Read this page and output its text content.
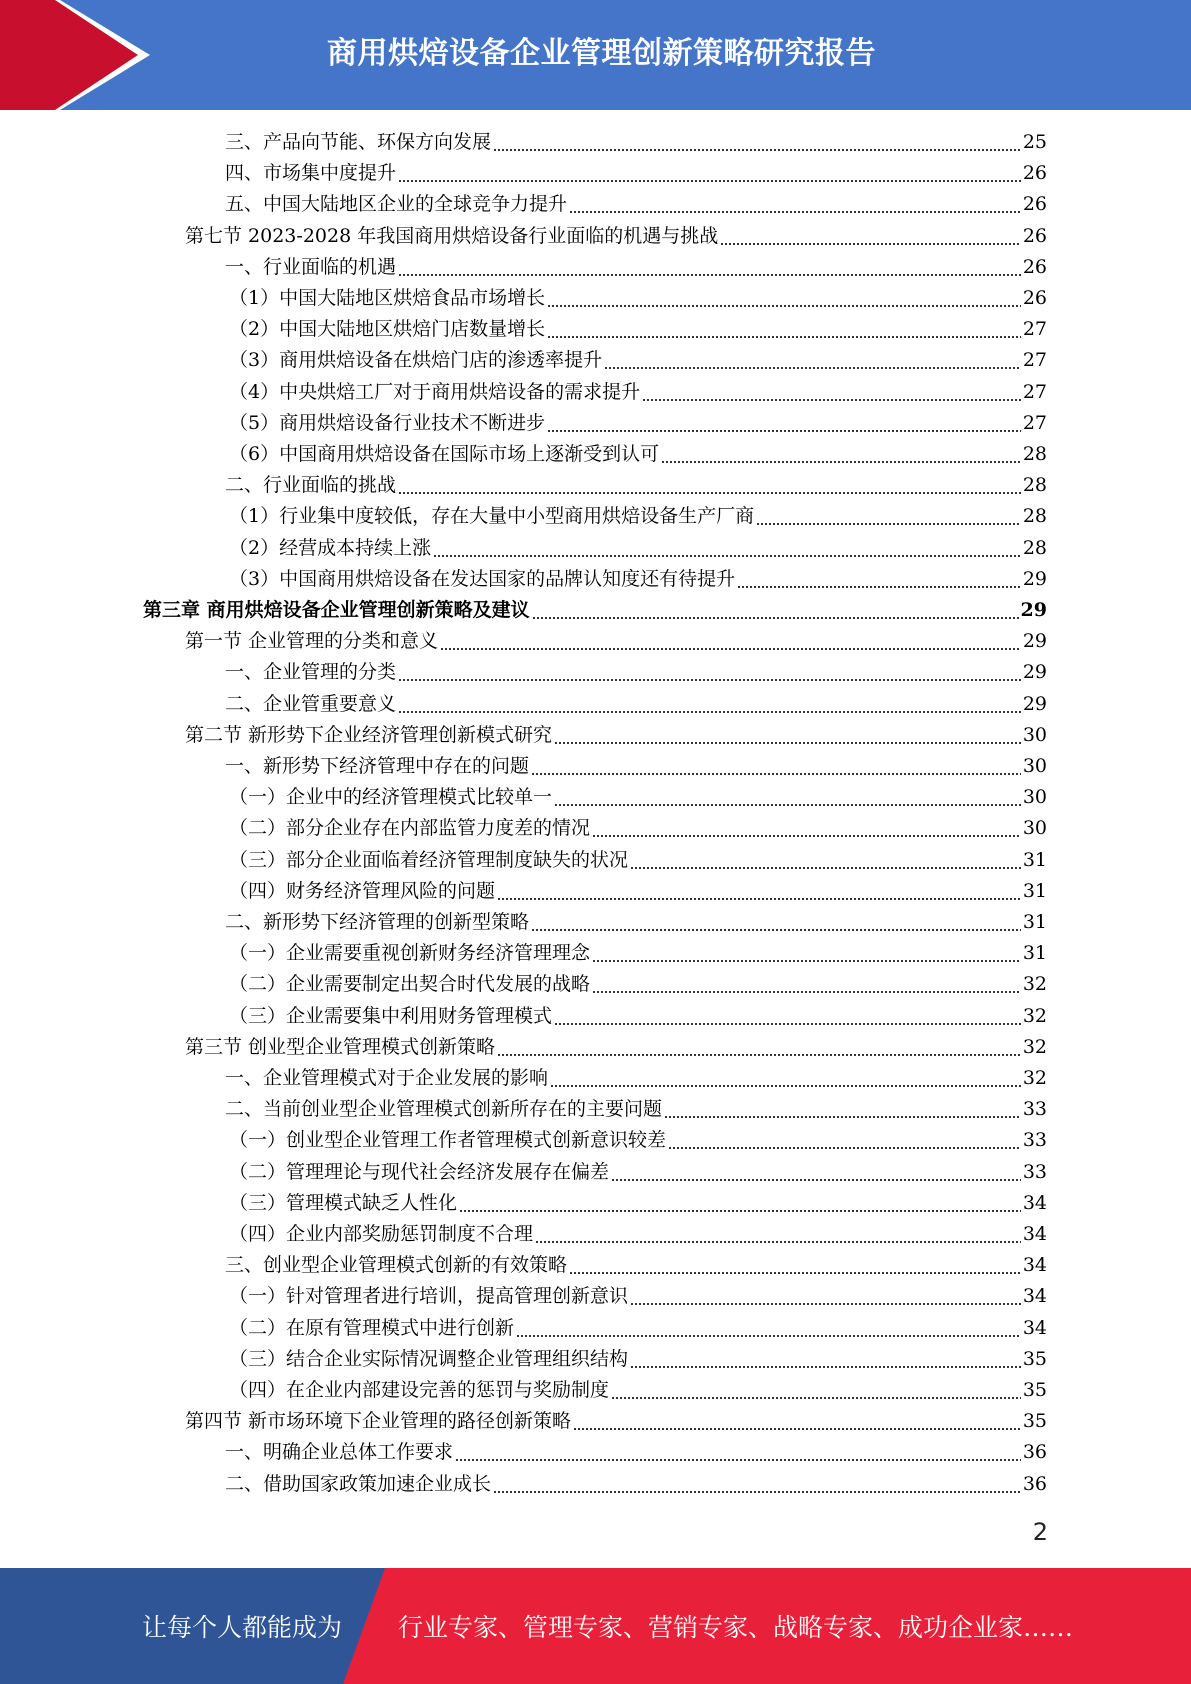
商用烘焙设备企业管理创新策略研究报告
三、产品向节能、环保方向发展	25
四、市场集中度提升	26
五、中国大陆地区企业的全球竞争力提升	26
第七节 2023-2028 年我国商用烘焙设备行业面临的机遇与挑战	26
一、行业面临的机遇	26
（1）中国大陆地区烘焙食品市场增长	26
（2）中国大陆地区烘焙门店数量增长	27
（3）商用烘焙设备在烘焙门店的渗透率提升	27
（4）中央烘焙工厂对于商用烘焙设备的需求提升	27
（5）商用烘焙设备行业技术不断进步	27
（6）中国商用烘焙设备在国际市场上逐渐受到认可	28
二、行业面临的挑战	28
（1）行业集中度较低，存在大量中小型商用烘焙设备生产厂商	28
（2）经营成本持续上涨	28
（3）中国商用烘焙设备在发达国家的品牌认知度还有待提升	29
第三章 商用烘焙设备企业管理创新策略及建议	29
第一节 企业管理的分类和意义	29
一、企业管理的分类	29
二、企业管重要意义	29
第二节 新形势下企业经济管理创新模式研究	30
一、新形势下经济管理中存在的问题	30
（一）企业中的经济管理模式比较单一	30
（二）部分企业存在内部监管力度差的情况	30
（三）部分企业面临着经济管理制度缺失的状况	31
（四）财务经济管理风险的问题	31
二、新形势下经济管理的创新型策略	31
（一）企业需要重视创新财务经济管理理念	31
（二）企业需要制定出契合时代发展的战略	32
（三）企业需要集中利用财务管理模式	32
第三节 创业型企业管理模式创新策略	32
一、企业管理模式对于企业发展的影响	32
二、当前创业型企业管理模式创新所存在的主要问题	33
（一）创业型企业管理工作者管理模式创新意识较差	33
（二）管理理论与现代社会经济发展存在偏差	33
（三）管理模式缺乏人性化	34
（四）企业内部奖励惩罚制度不合理	34
三、创业型企业管理模式创新的有效策略	34
（一）针对管理者进行培训，提高管理创新意识	34
（二）在原有管理模式中进行创新	34
（三）结合企业实际情况调整企业管理组织结构	35
（四）在企业内部建设完善的惩罚与奖励制度	35
第四节 新市场环境下企业管理的路径创新策略	35
一、明确企业总体工作要求	36
二、借助国家政策加速企业成长	36
2
让每个人都能成为 行业专家、管理专家、营销专家、战略专家、成功企业家……
